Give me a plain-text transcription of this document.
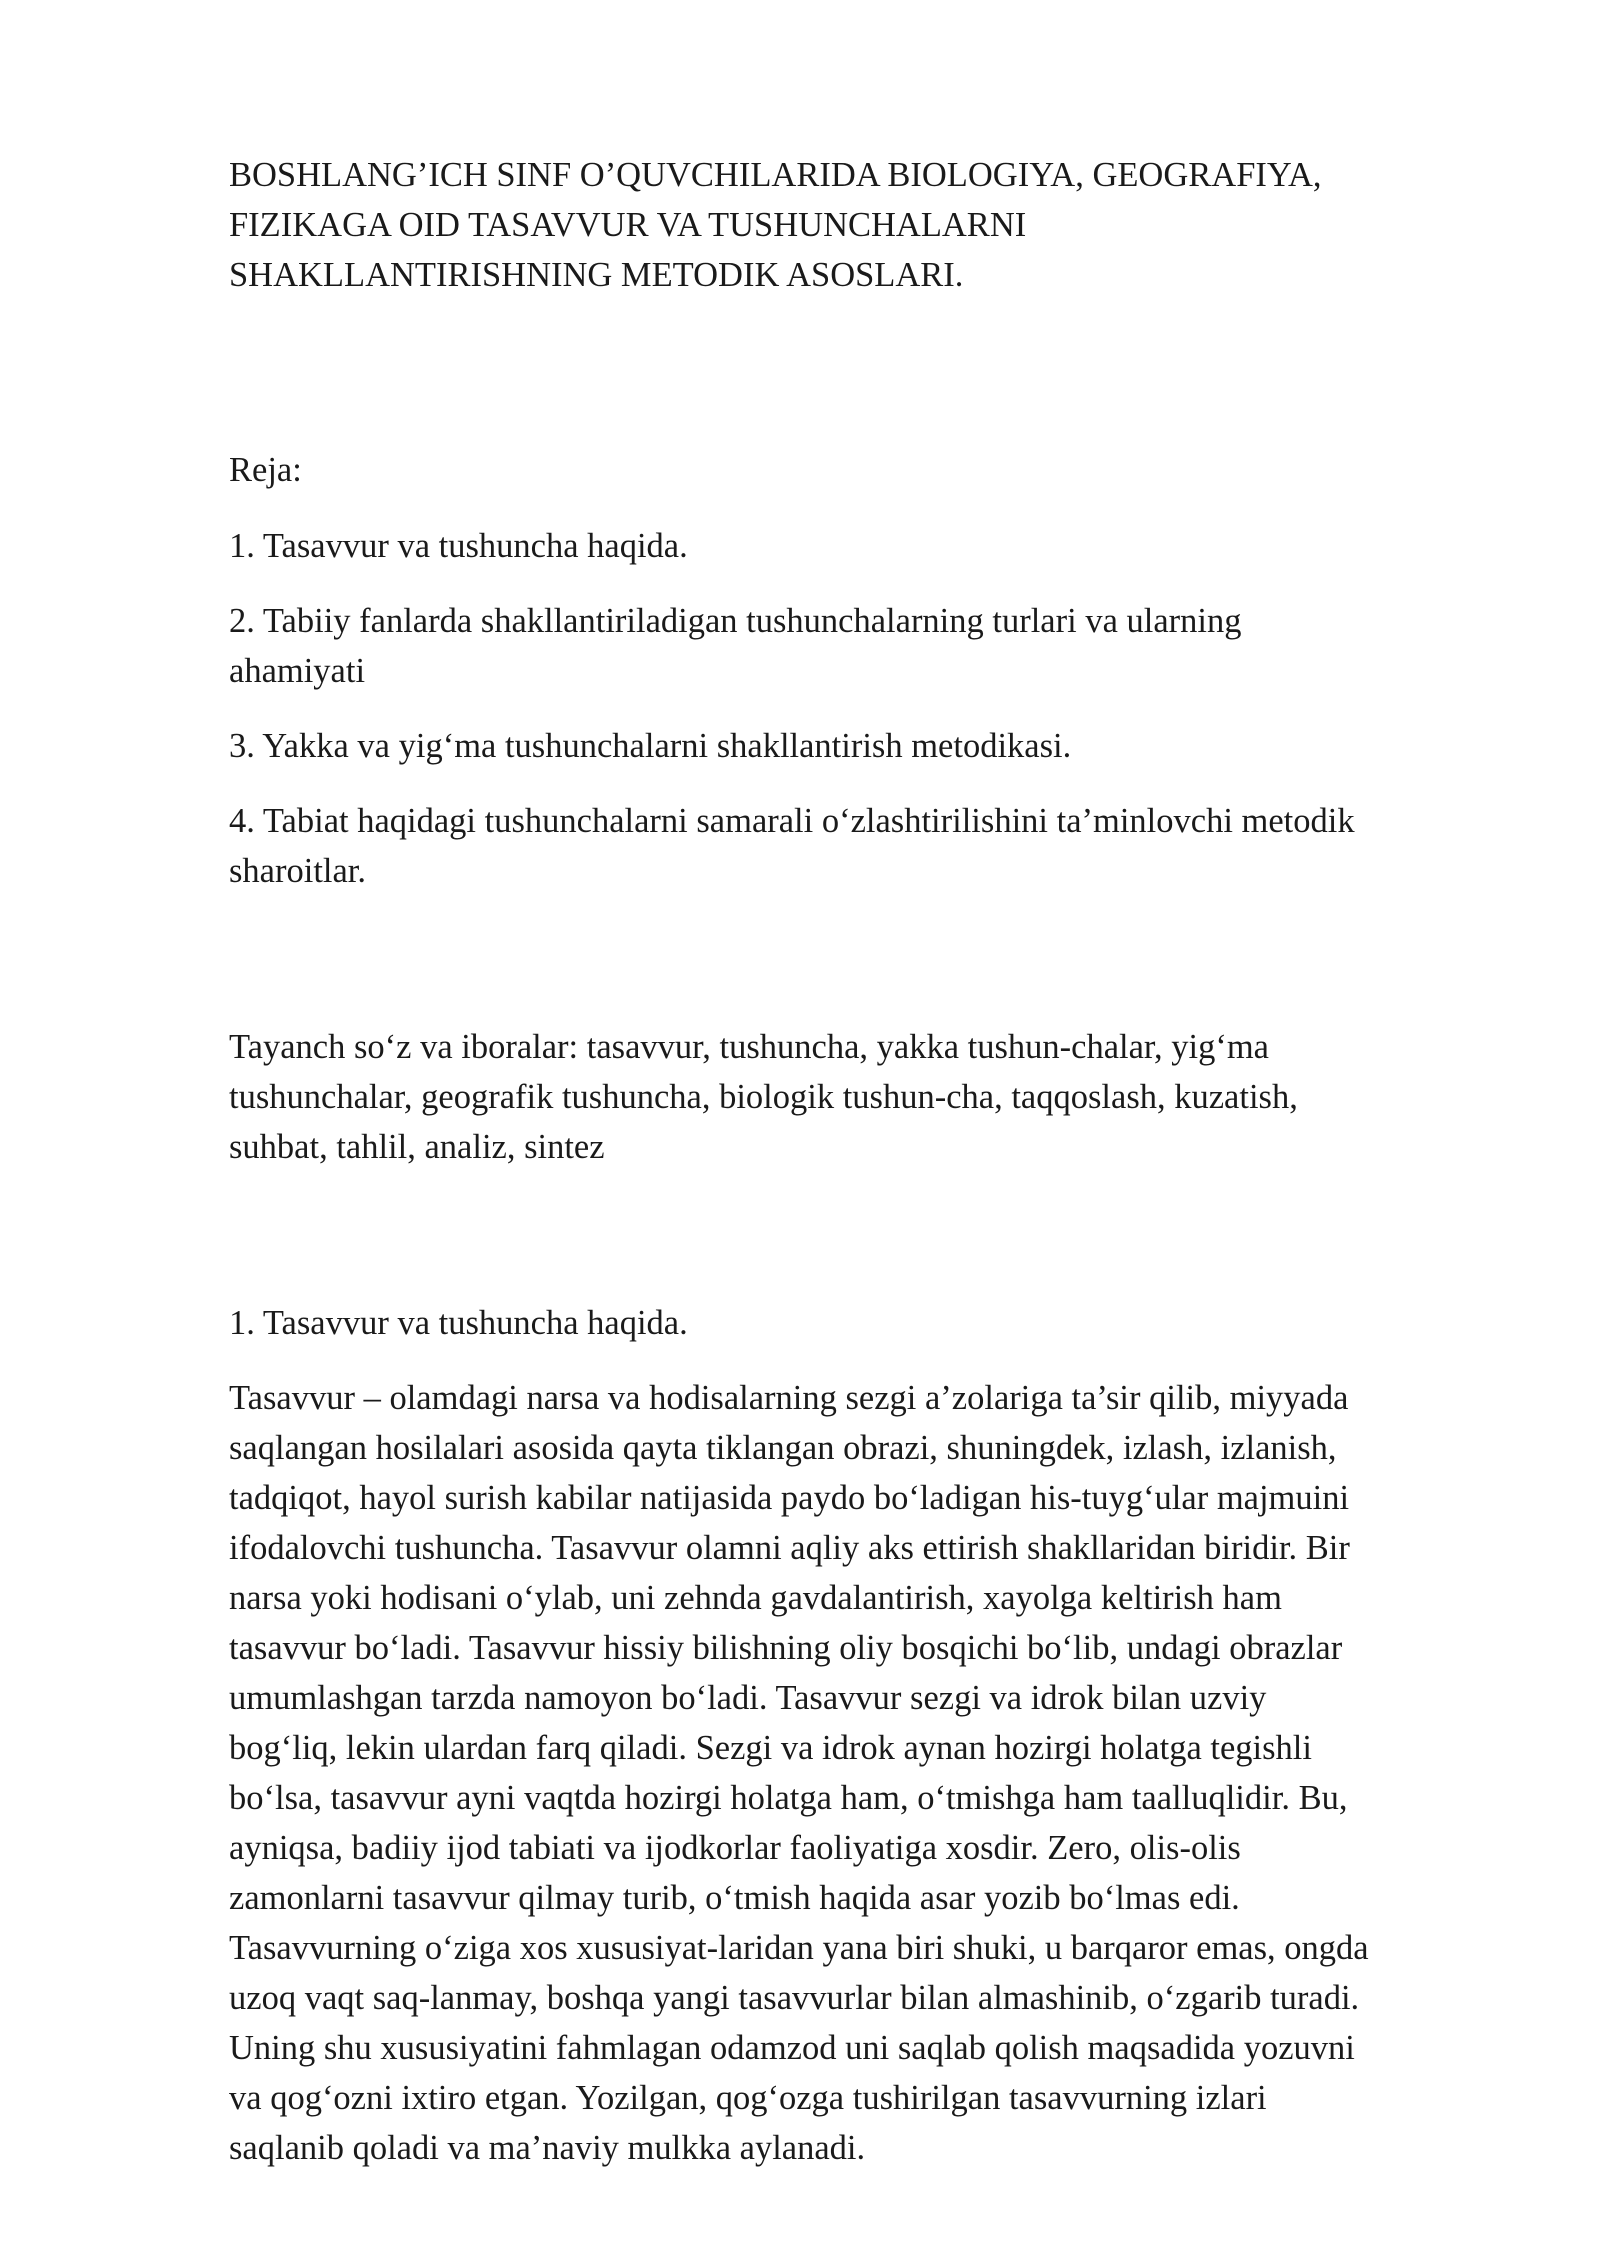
BOSHLANG’ICH SINF O’QUVCHILARIDA BIOLOGIYA, GEOGRAFIYA,
FIZIKAGA OID TASAVVUR VA TUSHUNCHALARNI
SHAKLLANTIRISHNING METODIK ASOSLARI.

Reja:

1. Tasavvur va tushuncha haqida.

2. Tabiiy fanlarda shakllantiriladigan tushunchalarning turlari va ularning
ahamiyati

3. Yakka va yig‘ma tushunchalarni shakllantirish metodikasi.

4. Tabiat haqidagi tushunchalarni samarali o‘zlashtirilishini ta’minlovchi metodik
sharoitlar.

Tayanch so‘z va iboralar: tasavvur, tushuncha, yakka tushun-chalar, yig‘ma
tushunchalar, geografik tushuncha, biologik tushun-cha, taqqoslash, kuzatish,
suhbat, tahlil, analiz, sintez

1. Tasavvur va tushuncha haqida.

Tasavvur – olamdagi narsa va hodisalarning sezgi a’zolariga ta’sir qilib, miyyada
saqlangan hosilalari asosida qayta tiklangan obrazi, shuningdek, izlash, izlanish,
tadqiqot, hayol surish kabilar natijasida paydo bo‘ladigan his-tuyg‘ular majmuini
ifodalovchi tushuncha. Tasavvur olamni aqliy aks ettirish shakllaridan biridir. Bir
narsa yoki hodisani o‘ylab, uni zehnda gavdalantirish, xayolga keltirish ham
tasavvur bo‘ladi. Tasavvur hissiy bilishning oliy bosqichi bo‘lib, undagi obrazlar
umumlashgan tarzda namoyon bo‘ladi. Tasavvur sezgi va idrok bilan uzviy
bog‘liq, lekin ulardan farq qiladi. Sezgi va idrok aynan hozirgi holatga tegishli
bo‘lsa, tasavvur ayni vaqtda hozirgi holatga ham, o‘tmishga ham taalluqlidir. Bu,
ayniqsa, badiiy ijod tabiati va ijodkorlar faoliyatiga xosdir. Zero, olis-olis
zamonlarni tasavvur qilmay turib, o‘tmish haqida asar yozib bo‘lmas edi.
Tasavvurning o‘ziga xos xususiyat-laridan yana biri shuki, u barqaror emas, ongda
uzoq vaqt saq-lanmay, boshqa yangi tasavvurlar bilan almashinib, o‘zgarib turadi.
Uning shu xususiyatini fahmlagan odamzod uni saqlab qolish maqsadida yozuvni
va qog‘ozni ixtiro etgan. Yozilgan, qog‘ozga tushirilgan tasavvurning izlari
saqlanib qoladi va ma’naviy mulkka aylanadi.
